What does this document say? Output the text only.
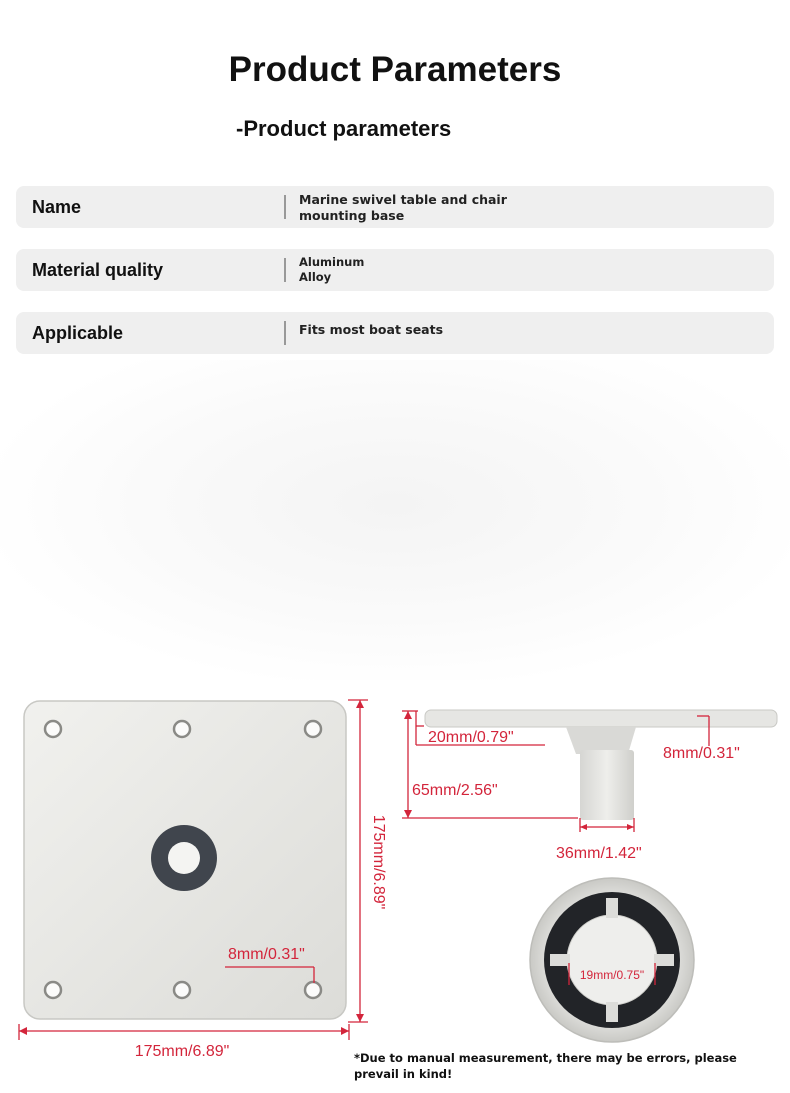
Product Parameters
-Product parameters
Name	Marine swivel table and chair
mounting base
Material quality	Aluminum
Alloy
Applicable	Fits most boat seats
175mm/6.89"
175mm/6.89"
8mm/0.31"
20mm/0.79"
65mm/2.56"
8mm/0.31"
36mm/1.42"
19mm/0.75"
*Due to manual measurement, there may be errors, please prevail in kind!
